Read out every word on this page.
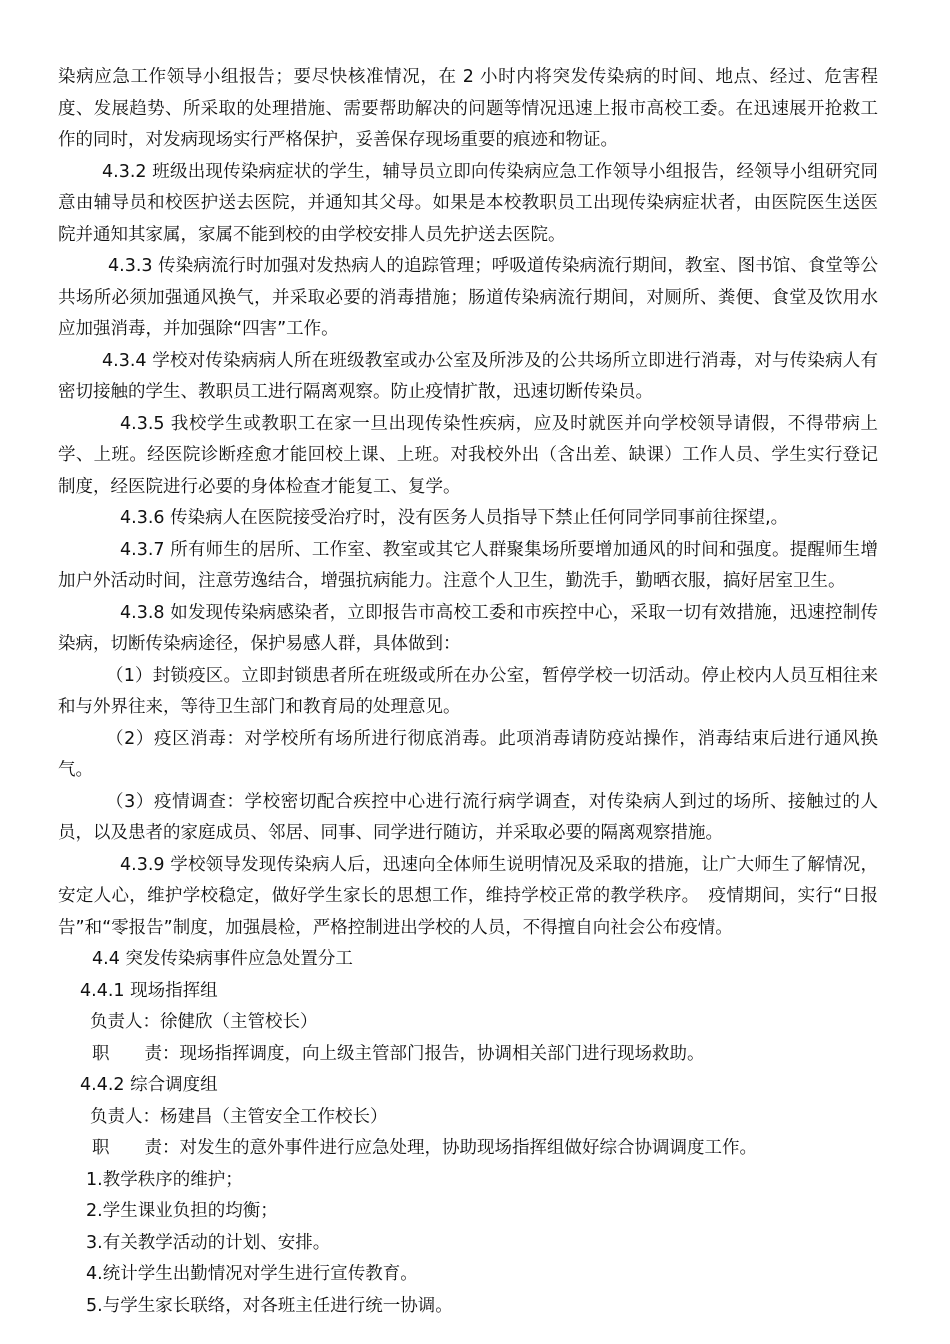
染病应急工作领导小组报告；要尽快核准情况，在 2 小时内将突发传染病的时间、地点、经过、危害程度、发展趋势、所采取的处理措施、需要帮助解决的问题等情况迅速上报市高校工委。在迅速展开抢救工作的同时，对发病现场实行严格保护，妥善保存现场重要的痕迹和物证。

4.3.2 班级出现传染病症状的学生，辅导员立即向传染病应急工作领导小组报告，经领导小组研究同意由辅导员和校医护送去医院，并通知其父母。如果是本校教职员工出现传染病症状者，由医院医生送医院并通知其家属，家属不能到校的由学校安排人员先护送去医院。

4.3.3 传染病流行时加强对发热病人的追踪管理；呼吸道传染病流行期间，教室、图书馆、食堂等公共场所必须加强通风换气，并采取必要的消毒措施；肠道传染病流行期间，对厕所、粪便、食堂及饮用水应加强消毒，并加强除“四害”工作。

4.3.4 学校对传染病病人所在班级教室或办公室及所涉及的公共场所立即进行消毒，对与传染病人有密切接触的学生、教职员工进行隔离观察。防止疫情扩散，迅速切断传染员。

4.3.5 我校学生或教职工在家一旦出现传染性疾病，应及时就医并向学校领导请假，不得带病上学、上班。经医院诊断痊愈才能回校上课、上班。对我校外出（含出差、缺课）工作人员、学生实行登记制度，经医院进行必要的身体检查才能复工、复学。

4.3.6 传染病人在医院接受治疗时，没有医务人员指导下禁止任何同学同事前往探望,。

4.3.7 所有师生的居所、工作室、教室或其它人群聚集场所要增加通风的时间和强度。提醒师生增加户外活动时间，注意劳逸结合，增强抗病能力。注意个人卫生，勤洗手，勤晒衣服，搞好居室卫生。

4.3.8 如发现传染病感染者，立即报告市高校工委和市疾控中心，采取一切有效措施，迅速控制传染病，切断传染病途径，保护易感人群，具体做到：

（1）封锁疫区。立即封锁患者所在班级或所在办公室，暂停学校一切活动。停止校内人员互相往来和与外界往来，等待卫生部门和教育局的处理意见。

（2）疫区消毒：对学校所有场所进行彻底消毒。此项消毒请防疫站操作，消毒结束后进行通风换气。

（3）疫情调查：学校密切配合疾控中心进行流行病学调查，对传染病人到过的场所、接触过的人员，以及患者的家庭成员、邻居、同事、同学进行随访，并采取必要的隔离观察措施。

4.3.9 学校领导发现传染病人后，迅速向全体师生说明情况及采取的措施，让广大师生了解情况，安定人心，维护学校稳定，做好学生家长的思想工作，维持学校正常的教学秩序。　疫情期间，实行“日报告”和“零报告”制度，加强晨检，严格控制进出学校的人员，不得擅自向社会公布疫情。

4.4 突发传染病事件应急处置分工

4.4.1 现场指挥组

负责人：徐健欣（主管校长）

职　　责：现场指挥调度，向上级主管部门报告，协调相关部门进行现场救助。

4.4.2 综合调度组

负责人：杨建昌（主管安全工作校长）

职　　责：对发生的意外事件进行应急处理，协助现场指挥组做好综合协调调度工作。

1.教学秩序的维护；

2.学生课业负担的均衡；

3.有关教学活动的计划、安排。

4.统计学生出勤情况对学生进行宣传教育。

5.与学生家长联络，对各班主任进行统一协调。
